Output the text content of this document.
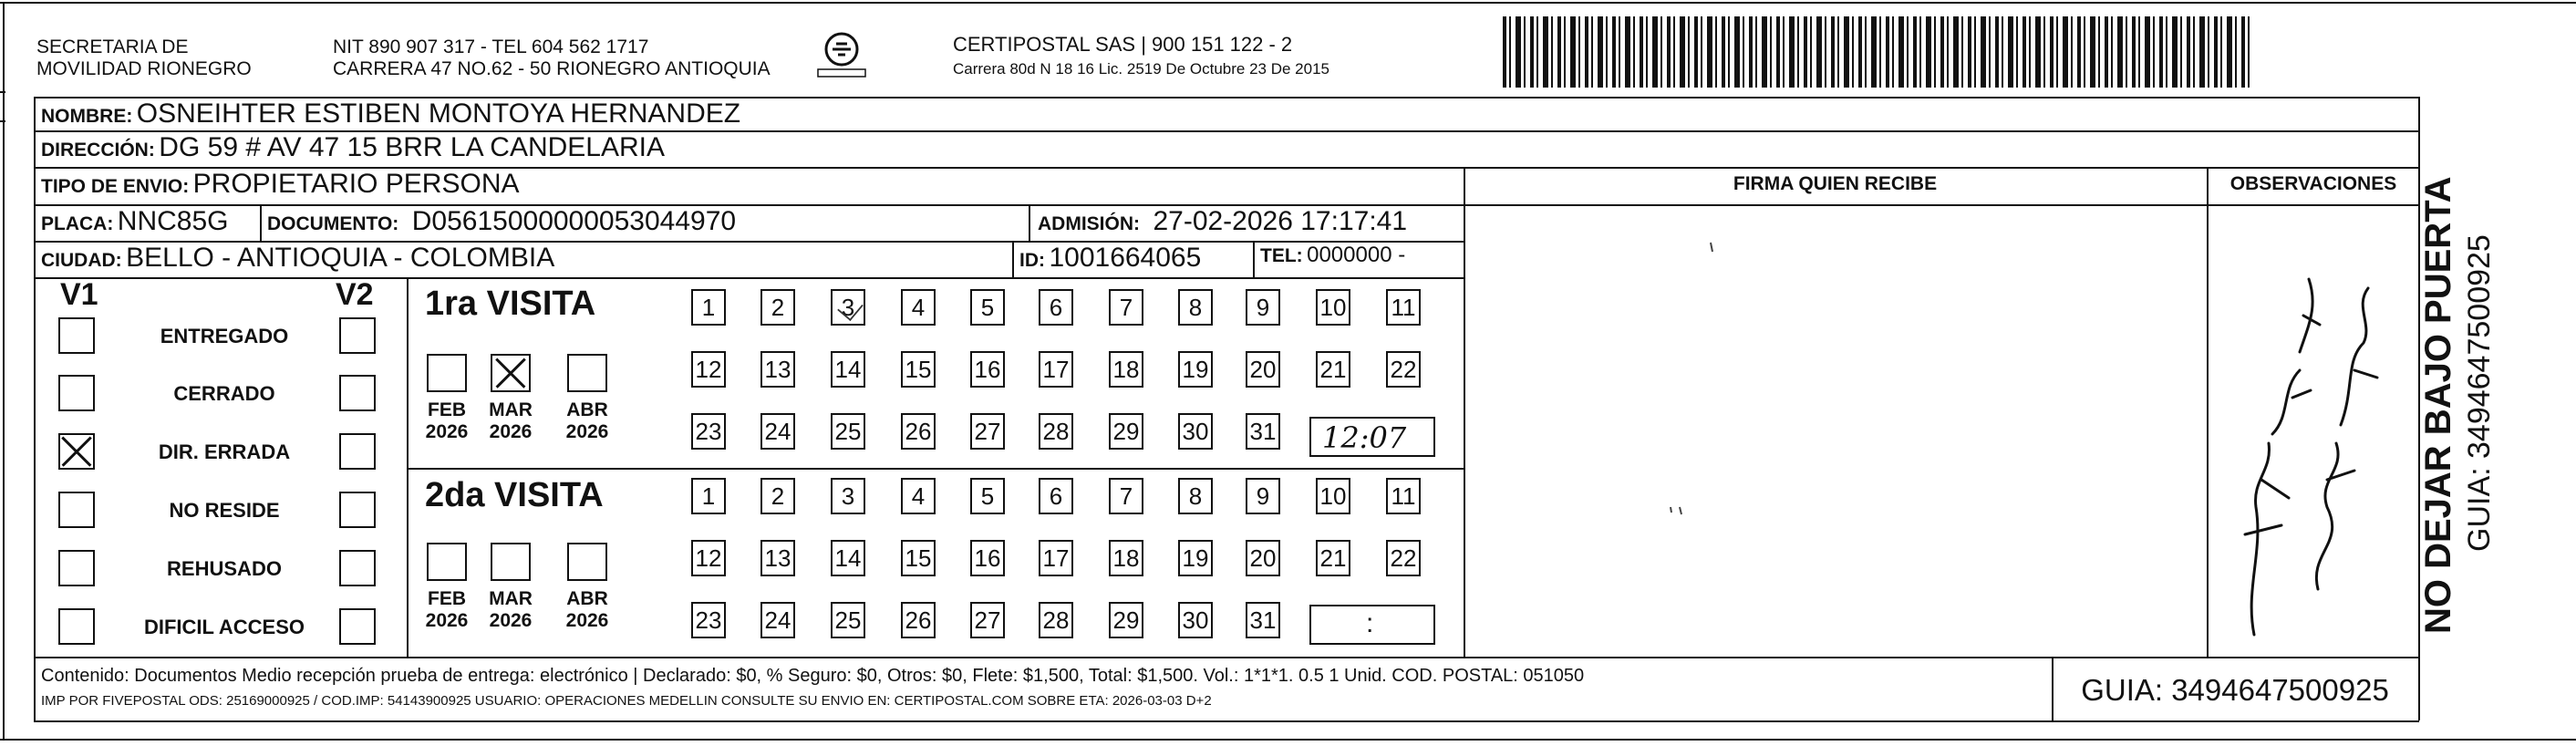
SECRETARIA DE
MOVILIDAD RIONEGRO
NIT 890 907 317 - TEL 604 562 1717
CARRERA 47 NO.62 - 50 RIONEGRO ANTIOQUIA
CERTIPOSTAL SAS | 900 151 122 - 2
Carrera 80d N 18 16 Lic. 2519 De Octubre 23 De 2015
NOMBRE: OSNEIHTER ESTIBEN MONTOYA HERNANDEZ
DIRECCIÓN: DG 59 # AV 47 15 BRR LA CANDELARIA
TIPO DE ENVIO: PROPIETARIO PERSONA
PLACA: NNC85G DOCUMENTO: D05615000000053044970	ADMISIÓN: 27-02-2026 17:17:41
CIUDAD: BELLO - ANTIOQUIA - COLOMBIA	ID: 1001664065	TEL: 0000000 -
FIRMA QUIEN RECIBE	OBSERVACIONES
V1	V2
ENTREGADO
CERRADO
DIR. ERRADA
NO RESIDE
REHUSADO
DIFICIL ACCESO
1ra VISITA
2da VISITA
FEB
2026
MAR
2026
ABR
2026
FEB
2026
MAR
2026
ABR
2026
1	2	3	4	5	6	7	8	9	10 11
12 13 14 15 16 17 18 19 20 21 22
23 24 25 26 27 28 29 30 31
1	2	3	4	5	6	7	8	9	10 11
12 13 14 15 16 17 18 19 20 21 22
23 24 25 26 27 28 29 30 31
12:07
:
Contenido: Documentos Medio recepción prueba de entrega: electrónico | Declarado: $0, % Seguro: $0, Otros: $0, Flete: $1,500, Total: $1,500. Vol.: 1*1*1. 0.5 1 Unid. COD. POSTAL: 051050
IMP POR FIVEPOSTAL ODS: 25169000925 / COD.IMP: 54143900925 USUARIO: OPERACIONES MEDELLIN CONSULTE SU ENVIO EN: CERTIPOSTAL.COM SOBRE ETA: 2026-03-03 D+2	GUIA: 3494647500925
NO DEJAR BAJO PUERTA GUIA: 3494647500925
